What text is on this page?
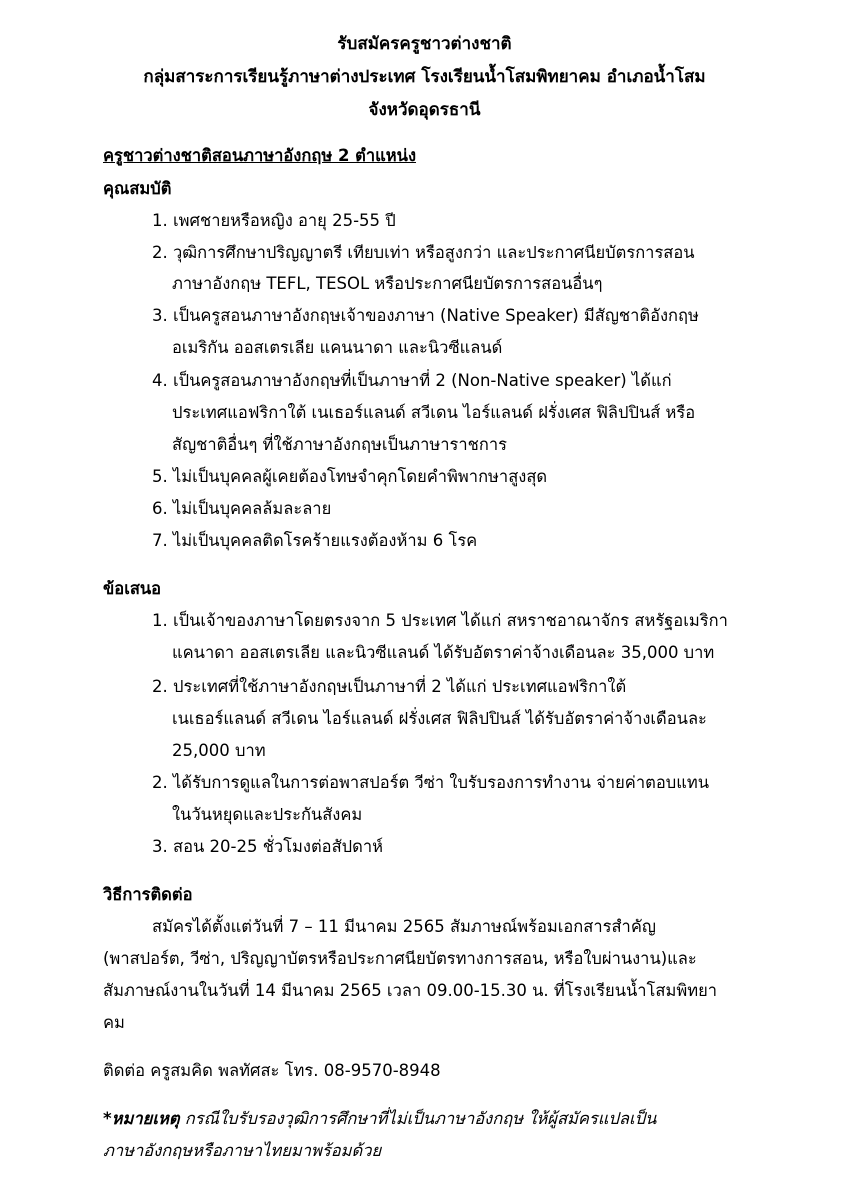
รับสมัครครูชาวต่างชาติ
กลุ่มสาระการเรียนรู้ภาษาต่างประเทศ โรงเรียนน้ำโสมพิทยาคม อำเภอน้ำโสม
จังหวัดอุดรธานี
ครูชาวต่างชาติสอนภาษาอังกฤษ 2 ตำแหน่ง
คุณสมบัติ
1. เพศชายหรือหญิง อายุ 25-55 ปี
2. วุฒิการศึกษาปริญญาตรี เทียบเท่า หรือสูงกว่า และประกาศนียบัตรการสอน
ภาษาอังกฤษ TEFL, TESOL หรือประกาศนียบัตรการสอนอื่นๆ
3. เป็นครูสอนภาษาอังกฤษเจ้าของภาษา (Native Speaker) มีสัญชาติอังกฤษ
อเมริกัน ออสเตรเลีย แคนนาดา และนิวซีแลนด์
4. เป็นครูสอนภาษาอังกฤษที่เป็นภาษาที่ 2 (Non-Native speaker) ได้แก่
ประเทศแอฟริกาใต้ เนเธอร์แลนด์ สวีเดน ไอร์แลนด์ ฝรั่งเศส ฟิลิปปินส์ หรือ
สัญชาติอื่นๆ ที่ใช้ภาษาอังกฤษเป็นภาษาราชการ
5. ไม่เป็นบุคคลผู้เคยต้องโทษจำคุกโดยคำพิพากษาสูงสุด
6. ไม่เป็นบุคคลล้มละลาย
7. ไม่เป็นบุคคลติดโรคร้ายแรงต้องห้าม 6 โรค
ข้อเสนอ
1. เป็นเจ้าของภาษาโดยตรงจาก 5 ประเทศ ได้แก่ สหราชอาณาจักร สหรัฐอเมริกา
แคนาดา ออสเตรเลีย และนิวซีแลนด์ ได้รับอัตราค่าจ้างเดือนละ 35,000 บาท
2. ประเทศที่ใช้ภาษาอังกฤษเป็นภาษาที่ 2 ได้แก่ ประเทศแอฟริกาใต้
เนเธอร์แลนด์ สวีเดน ไอร์แลนด์ ฝรั่งเศส ฟิลิปปินส์ ได้รับอัตราค่าจ้างเดือนละ
25,000 บาท
2. ได้รับการดูแลในการต่อพาสปอร์ต วีซ่า ใบรับรองการทำงาน จ่ายค่าตอบแทน
ในวันหยุดและประกันสังคม
3. สอน 20-25 ชั่วโมงต่อสัปดาห์
วิธีการติดต่อ
สมัครได้ตั้งแต่วันที่ 7 – 11 มีนาคม 2565 สัมภาษณ์พร้อมเอกสารสำคัญ
(พาสปอร์ต, วีซ่า, ปริญญาบัตรหรือประกาศนียบัตรทางการสอน, หรือใบผ่านงาน)และ
สัมภาษณ์งานในวันที่ 14 มีนาคม 2565 เวลา 09.00-15.30 น. ที่โรงเรียนน้ำโสมพิทยา
คม
ติดต่อ ครูสมคิด พลทัศสะ โทร. 08-9570-8948
*หมายเหตุ กรณีใบรับรองวุฒิการศึกษาที่ไม่เป็นภาษาอังกฤษ ให้ผู้สมัครแปลเป็น
ภาษาอังกฤษหรือภาษาไทยมาพร้อมด้วย
